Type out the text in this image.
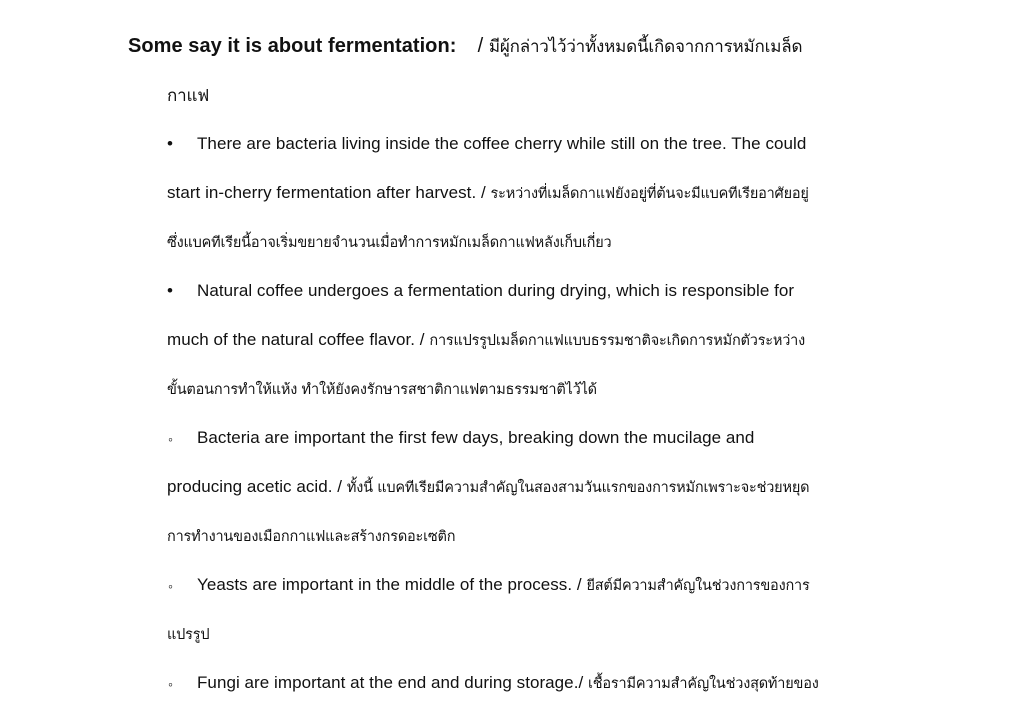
Some say it is about fermentation: / มีผู้กล่าวไว้ว่าทั้งหมดนี้เกิดจากการหมักเมล็ด
กาแฟ
•	There are bacteria living inside the coffee cherry while still on the tree. The could
start in-cherry fermentation after harvest. / ระหว่างที่เมล็ดกาแฟยังอยู่ที่ต้นจะมีแบคทีเรียอาศัยอยู่
ซึ่งแบคทีเรียนี้อาจเริ่มขยายจำนวนเมื่อทำการหมักเมล็ดกาแฟหลังเก็บเกี่ยว
•	Natural coffee undergoes a fermentation during drying, which is responsible for
much of the natural coffee flavor. / การแปรรูปเมล็ดกาแฟแบบธรรมชาติจะเกิดการหมักตัวระหว่าง
ขั้นตอนการทำให้แห้ง ทำให้ยังคงรักษารสชาติกาแฟตามธรรมชาติไว้ได้
◦	Bacteria are important the first few days, breaking down the mucilage and
producing acetic acid. / ทั้งนี้ แบคทีเรียมีความสำคัญในสองสามวันแรกของการหมักเพราะจะช่วยหยุด
การทำงานของเมือกกาแฟและสร้างกรดอะเซติก
◦	Yeasts are important in the middle of the process. / ยีสต์มีความสำคัญในช่วงการของการ
แปรรูป
◦	Fungi are important at the end and during storage./ เชื้อรามีความสำคัญในช่วงสุดท้ายของ
